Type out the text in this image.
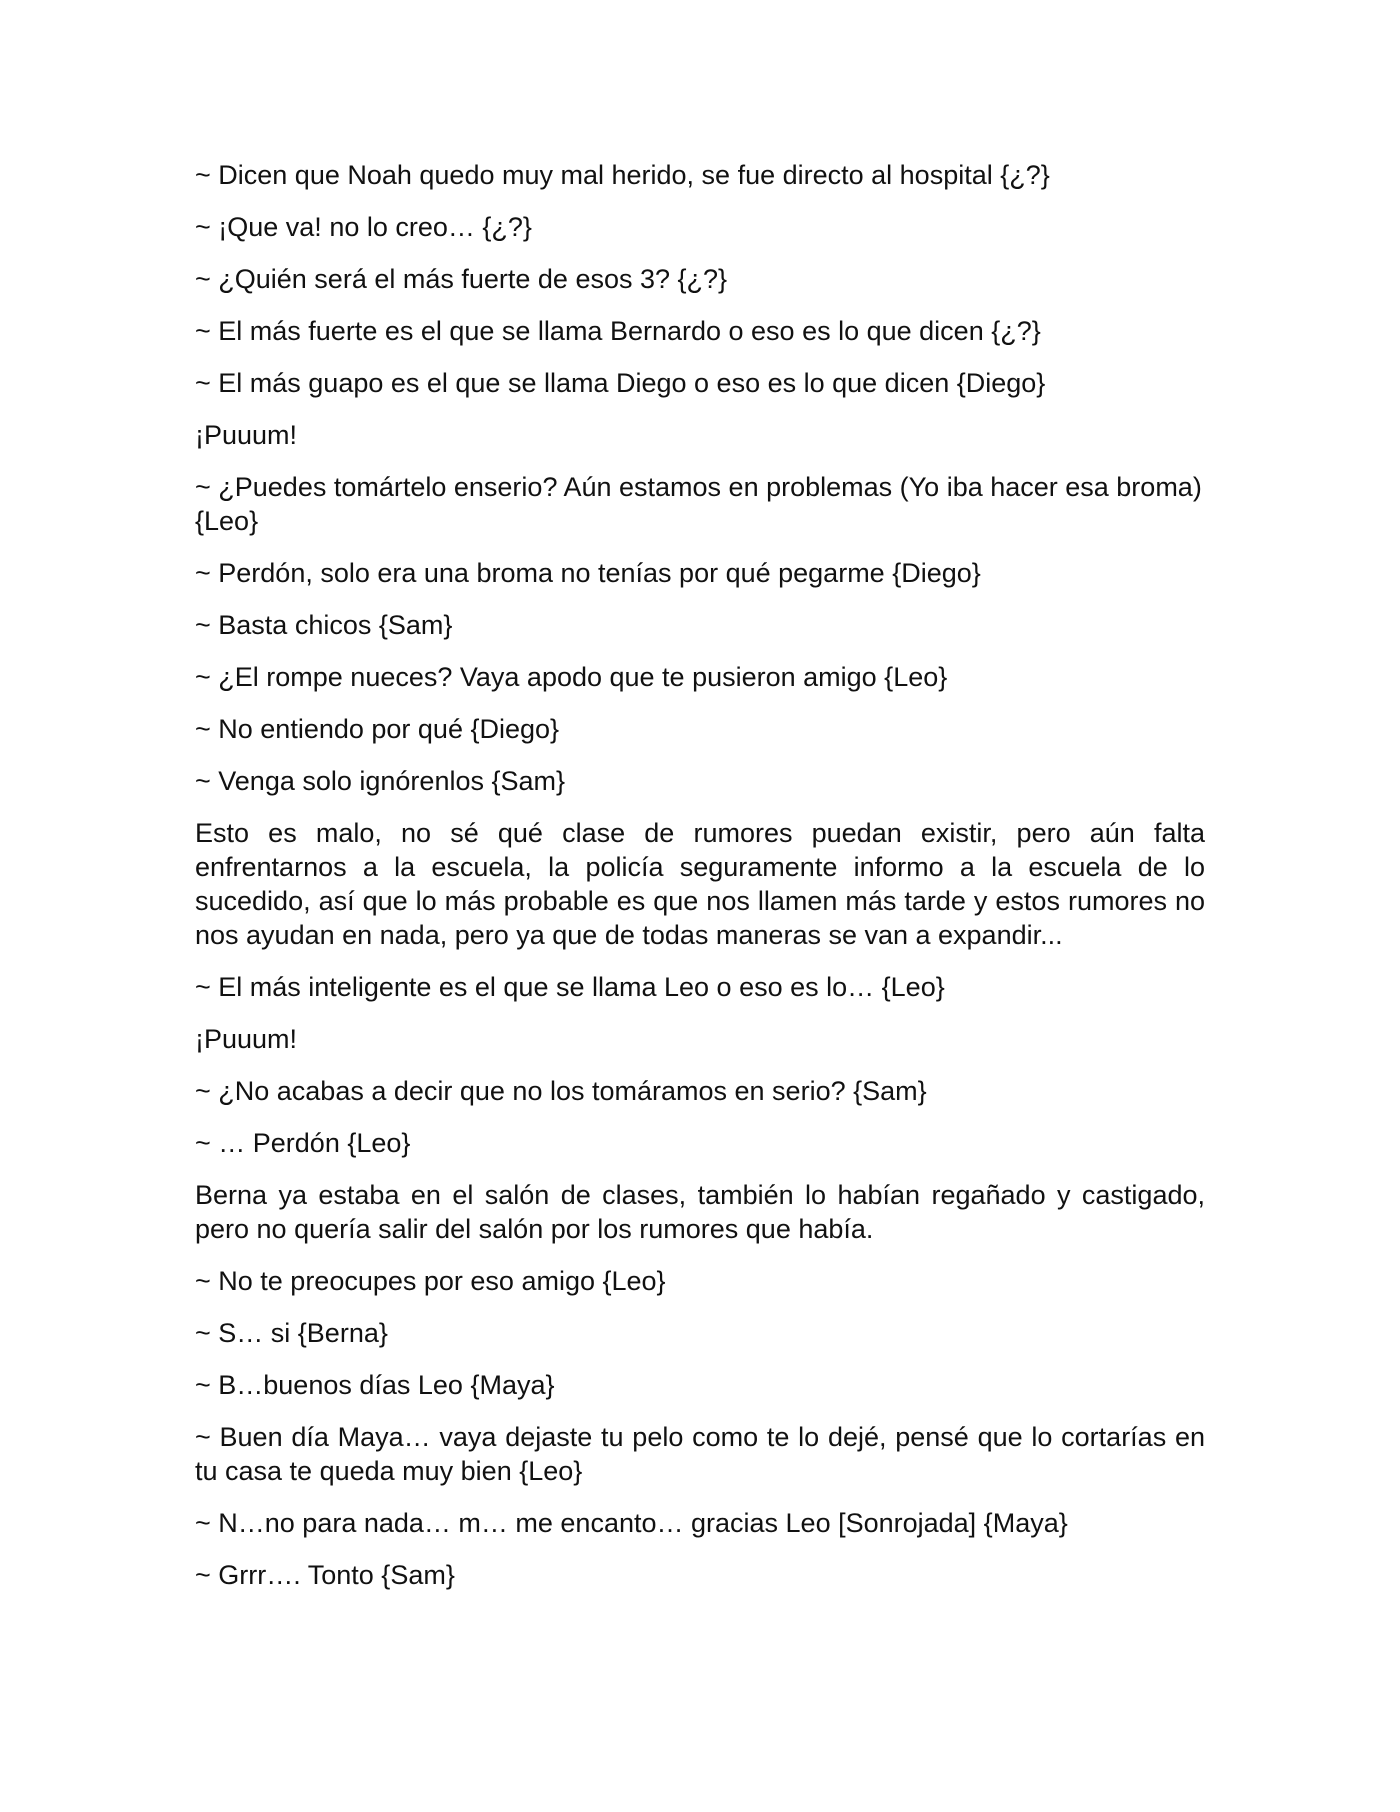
~ Dicen que Noah quedo muy mal herido, se fue directo al hospital {¿?}

~ ¡Que va! no lo creo… {¿?}

~ ¿Quién será el más fuerte de esos 3? {¿?}

~ El más fuerte es el que se llama Bernardo o eso es lo que dicen {¿?}

~ El más guapo es el que se llama Diego o eso es lo que dicen {Diego}

¡Puuum!

~ ¿Puedes tomártelo enserio? Aún estamos en problemas (Yo iba hacer esa broma) {Leo}

~ Perdón, solo era una broma no tenías por qué pegarme {Diego}

~ Basta chicos {Sam}

~ ¿El rompe nueces? Vaya apodo que te pusieron amigo {Leo}

~ No entiendo por qué {Diego}

~ Venga solo ignórenlos {Sam}

Esto es malo, no sé qué clase de rumores puedan existir, pero aún falta enfrentarnos a la escuela, la policía seguramente informo a la escuela de lo sucedido, así que lo más probable es que nos llamen más tarde y estos rumores no nos ayudan en nada, pero ya que de todas maneras se van a expandir...

~ El más inteligente es el que se llama Leo o eso es lo… {Leo}

¡Puuum!

~ ¿No acabas a decir que no los tomáramos en serio? {Sam}

~ … Perdón {Leo}

Berna ya estaba en el salón de clases, también lo habían regañado y castigado, pero no quería salir del salón por los rumores que había.

~ No te preocupes por eso amigo {Leo}

~ S… si {Berna}

~ B…buenos días Leo {Maya}

~ Buen día Maya… vaya dejaste tu pelo como te lo dejé, pensé que lo cortarías en tu casa te queda muy bien {Leo}

~ N…no para nada… m… me encanto… gracias Leo [Sonrojada] {Maya}

~ Grrr…. Tonto {Sam}
